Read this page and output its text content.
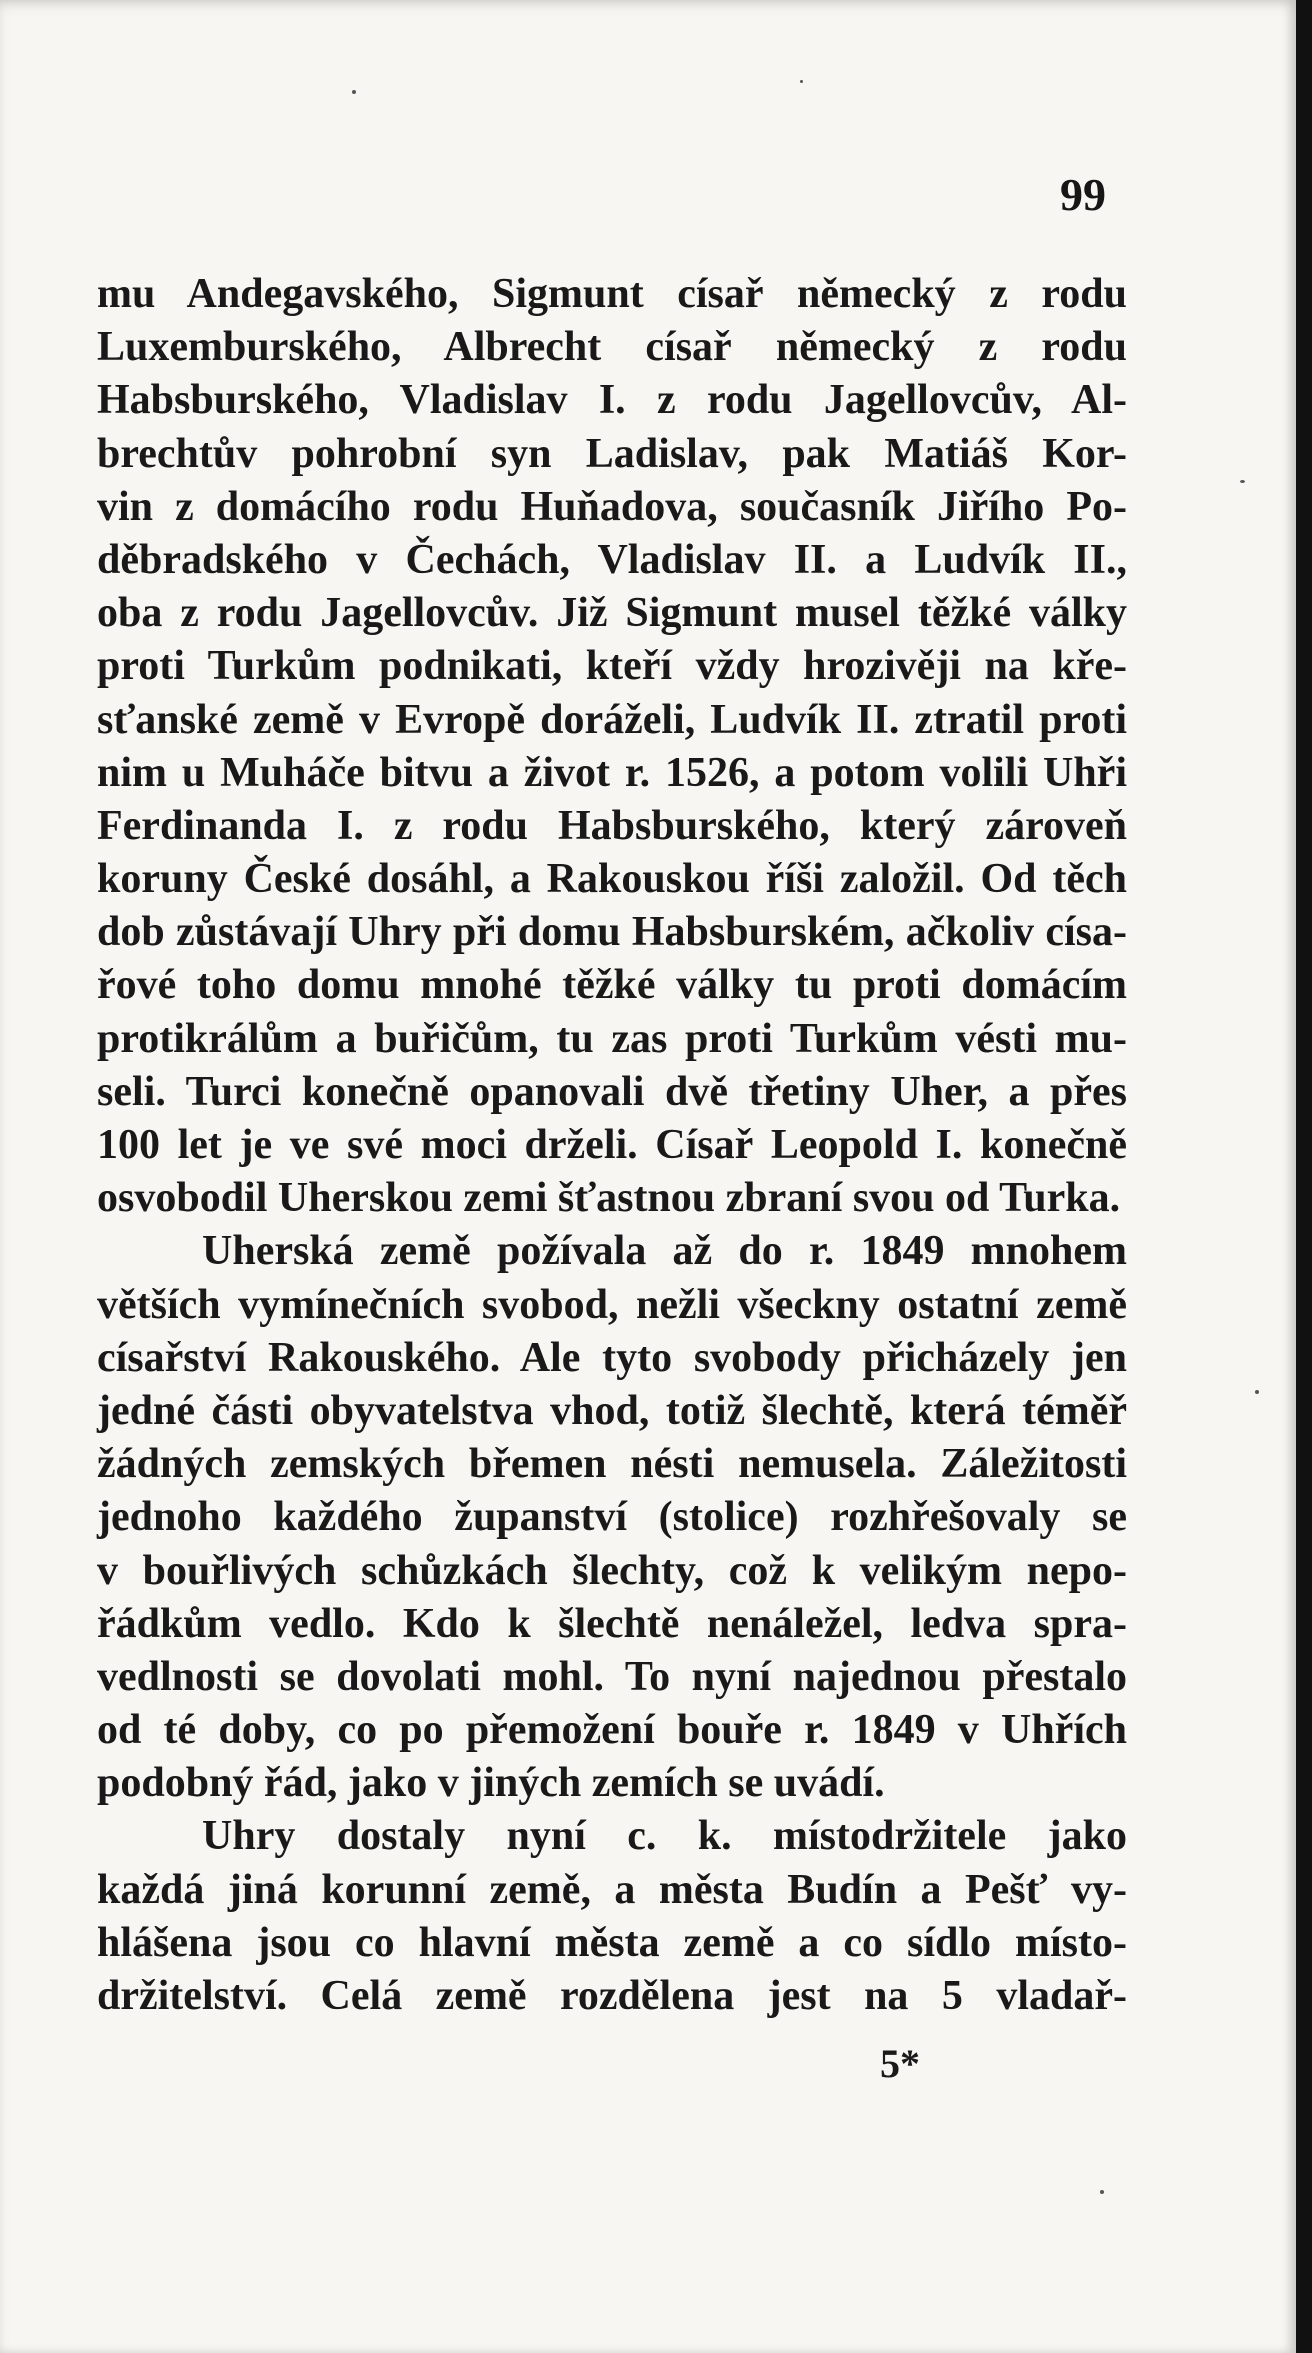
99
mu Andegavského, Sigmunt císař německý z rodu
Luxemburského, Albrecht císař německý z rodu
Habsburského, Vladislav I. z rodu Jagellovcův, Al-
brechtův pohrobní syn Ladislav, pak Matiáš Kor-
vin z domácího rodu Huňadova, současník Jiřího Po-
děbradského v Čechách, Vladislav II. a Ludvík II.,
oba z rodu Jagellovcův. Již Sigmunt musel těžké války
proti Turkům podnikati, kteří vždy hrozivěji na kře-
sťanské země v Evropě doráželi, Ludvík II. ztratil proti
nim u Muháče bitvu a život r. 1526, a potom volili Uhři
Ferdinanda I. z rodu Habsburského, který zároveň
koruny České dosáhl, a Rakouskou říši založil. Od těch
dob zůstávají Uhry při domu Habsburském, ačkoliv císa-
řové toho domu mnohé těžké války tu proti domácím
protikrálům a buřičům, tu zas proti Turkům vésti mu-
seli. Turci konečně opanovali dvě třetiny Uher, a přes
100 let je ve své moci drželi. Císař Leopold I. konečně
osvobodil Uherskou zemi šťastnou zbraní svou od Turka.
Uherská země požívala až do r. 1849 mnohem
větších vymínečních svobod, nežli všeckny ostatní země
císařství Rakouského. Ale tyto svobody přicházely jen
jedné části obyvatelstva vhod, totiž šlechtě, která téměř
žádných zemských břemen nésti nemusela. Záležitosti
jednoho každého županství (stolice) rozhřešovaly se
v bouřlivých schůzkách šlechty, což k velikým nepo-
řádkům vedlo. Kdo k šlechtě nenáležel, ledva spra-
vedlnosti se dovolati mohl. To nyní najednou přestalo
od té doby, co po přemožení bouře r. 1849 v Uhřích
podobný řád, jako v jiných zemích se uvádí.
Uhry dostaly nyní c. k. místodržitele jako
každá jiná korunní země, a města Budín a Pešť vy-
hlášena jsou co hlavní města země a co sídlo místo-
držitelství. Celá země rozdělena jest na 5 vladař-
5*
